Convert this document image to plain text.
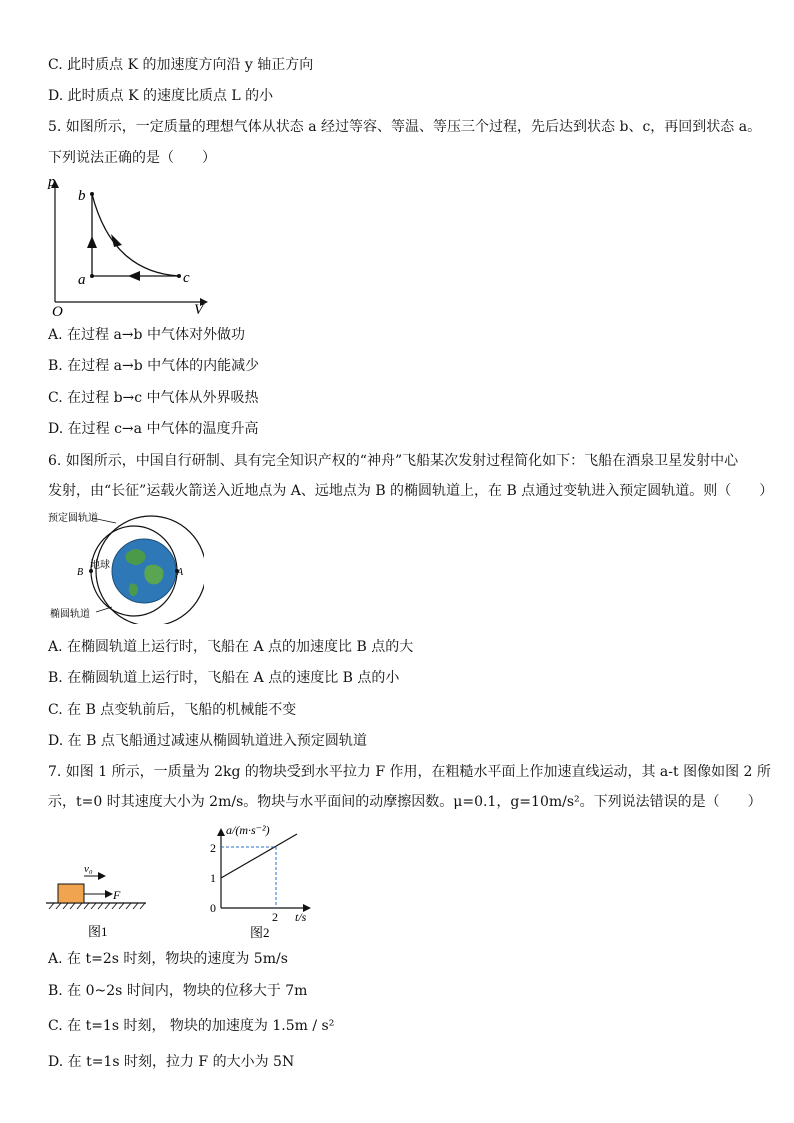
C. 此时质点 K 的加速度方向沿 y 轴正方向
D. 此时质点 K 的速度比质点 L 的小
5. 如图所示，一定质量的理想气体从状态 a 经过等容、等温、等压三个过程，先后达到状态 b、c，再回到状态 a。
下列说法正确的是（　　）
p
V
O
a
b
c
A. 在过程 a→b 中气体对外做功
B. 在过程 a→b 中气体的内能减少
C. 在过程 b→c 中气体从外界吸热
D. 在过程 c→a 中气体的温度升高
6. 如图所示，中国自行研制、具有完全知识产权的“神舟”飞船某次发射过程简化如下：飞船在酒泉卫星发射中心
发射，由“长征”运载火箭送入近地点为 A、远地点为 B 的椭圆轨道上，在 B 点通过变轨进入预定圆轨道。则（　　）
预定圆轨道
地球
椭圆轨道
A
B
A. 在椭圆轨道上运行时，飞船在 A 点的加速度比 B 点的大
B. 在椭圆轨道上运行时，飞船在 A 点的速度比 B 点的小
C. 在 B 点变轨前后，飞船的机械能不变
D. 在 B 点飞船通过减速从椭圆轨道进入预定圆轨道
7. 如图 1 所示，一质量为 2kg 的物块受到水平拉力 F 作用，在粗糙水平面上作加速直线运动，其 a-t 图像如图 2 所
示，t=0 时其速度大小为 2m/s。物块与水平面间的动摩擦因数。μ=0.1，g=10m/s²。下列说法错误的是（　　）
v₀
F
图1
a/(m·s⁻²)
t/s
2
1
0
2
图2
A. 在 t=2s 时刻，物块的速度为 5m/s
B. 在 0~2s 时间内，物块的位移大于 7m
C. 在 t=1s 时刻， 物块的加速度为 1.5m / s²
D. 在 t=1s 时刻，拉力 F 的大小为 5N
